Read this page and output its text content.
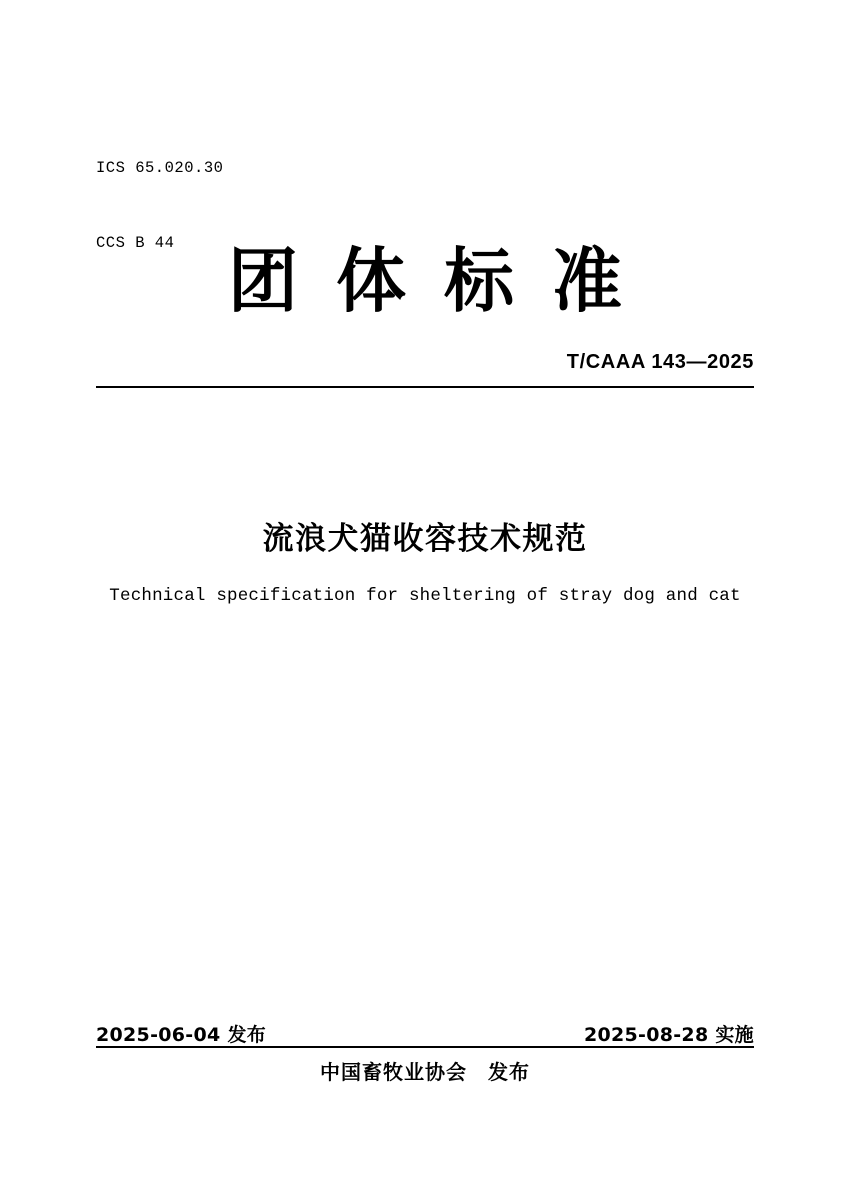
ICS 65.020.30

CCS B 44

团体标准
T/CAAA 143—2025
流浪犬猫收容技术规范
Technical specification for sheltering of stray dog and cat
2025-06-04 发布	2025-08-28 实施
中国畜牧业协会　发布
